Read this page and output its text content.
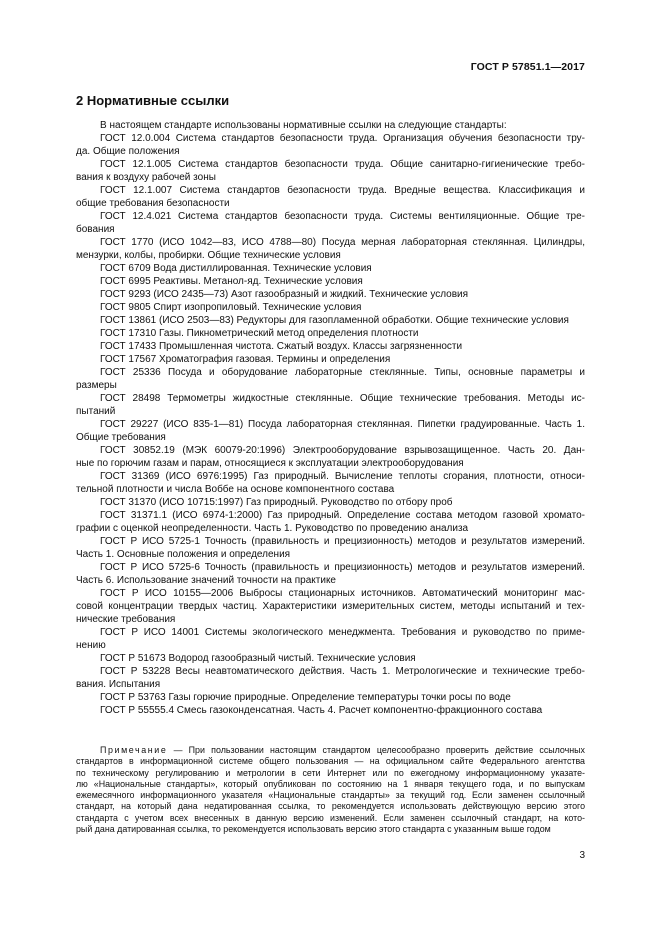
ГОСТ Р 57851.1—2017
2 Нормативные ссылки
В настоящем стандарте использованы нормативные ссылки на следующие стандарты:
ГОСТ 12.0.004 Система стандартов безопасности труда. Организация обучения безопасности тру-
да. Общие положения
ГОСТ 12.1.005 Система стандартов безопасности труда. Общие санитарно-гигиенические требо-
вания к воздуху рабочей зоны
ГОСТ 12.1.007 Система стандартов безопасности труда. Вредные вещества. Классификация и
общие требования безопасности
ГОСТ 12.4.021 Система стандартов безопасности труда. Системы вентиляционные. Общие тре-
бования
ГОСТ 1770 (ИСО 1042—83, ИСО 4788—80) Посуда мерная лабораторная стеклянная. Цилиндры,
мензурки, колбы, пробирки. Общие технические условия
ГОСТ 6709 Вода дистиллированная. Технические условия
ГОСТ 6995 Реактивы. Метанол-яд. Технические условия
ГОСТ 9293 (ИСО 2435—73) Азот газообразный и жидкий. Технические условия
ГОСТ 9805 Спирт изопропиловый. Технические условия
ГОСТ 13861 (ИСО 2503—83) Редукторы для газопламенной обработки. Общие технические условия
ГОСТ 17310 Газы. Пикнометрический метод определения плотности
ГОСТ 17433 Промышленная чистота. Сжатый воздух. Классы загрязненности
ГОСТ 17567 Хроматография газовая. Термины и определения
ГОСТ 25336 Посуда и оборудование лабораторные стеклянные. Типы, основные параметры и
размеры
ГОСТ 28498 Термометры жидкостные стеклянные. Общие технические требования. Методы ис-
пытаний
ГОСТ 29227 (ИСО 835-1—81) Посуда лабораторная стеклянная. Пипетки градуированные. Часть 1.
Общие требования
ГОСТ 30852.19 (МЭК 60079-20:1996) Электрооборудование взрывозащищенное. Часть 20. Дан-
ные по горючим газам и парам, относящиеся к эксплуатации электрооборудования
ГОСТ 31369 (ИСО 6976:1995) Газ природный. Вычисление теплоты сгорания, плотности, относи-
тельной плотности и числа Воббе на основе компонентного состава
ГОСТ 31370 (ИСО 10715:1997) Газ природный. Руководство по отбору проб
ГОСТ 31371.1 (ИСО 6974-1:2000) Газ природный. Определение состава методом газовой хромато-
графии с оценкой неопределенности. Часть 1. Руководство по проведению анализа
ГОСТ Р ИСО 5725-1 Точность (правильность и прецизионность) методов и результатов измерений.
Часть 1. Основные положения и определения
ГОСТ Р ИСО 5725-6 Точность (правильность и прецизионность) методов и результатов измерений.
Часть 6. Использование значений точности на практике
ГОСТ Р ИСО 10155—2006 Выбросы стационарных источников. Автоматический мониторинг мас-
совой концентрации твердых частиц. Характеристики измерительных систем, методы испытаний и тех-
нические требования
ГОСТ Р ИСО 14001 Системы экологического менеджмента. Требования и руководство по приме-
нению
ГОСТ Р 51673 Водород газообразный чистый. Технические условия
ГОСТ Р 53228 Весы неавтоматического действия. Часть 1. Метрологические и технические требо-
вания. Испытания
ГОСТ Р 53763 Газы горючие природные. Определение температуры точки росы по воде
ГОСТ Р 55555.4 Смесь газоконденсатная. Часть 4. Расчет компонентно-фракционного состава
Примечание — При пользовании настоящим стандартом целесообразно проверить действие ссылочных
стандартов в информационной системе общего пользования — на официальном сайте Федерального агентства
по техническому регулированию и метрологии в сети Интернет или по ежегодному информационному указате-
лю «Национальные стандарты», который опубликован по состоянию на 1 января текущего года, и по выпускам
ежемесячного информационного указателя «Национальные стандарты» за текущий год. Если заменен ссылочный
стандарт, на который дана недатированная ссылка, то рекомендуется использовать действующую версию этого
стандарта с учетом всех внесенных в данную версию изменений. Если заменен ссылочный стандарт, на кото-
рый дана датированная ссылка, то рекомендуется использовать версию этого стандарта с указанным выше годом
3
